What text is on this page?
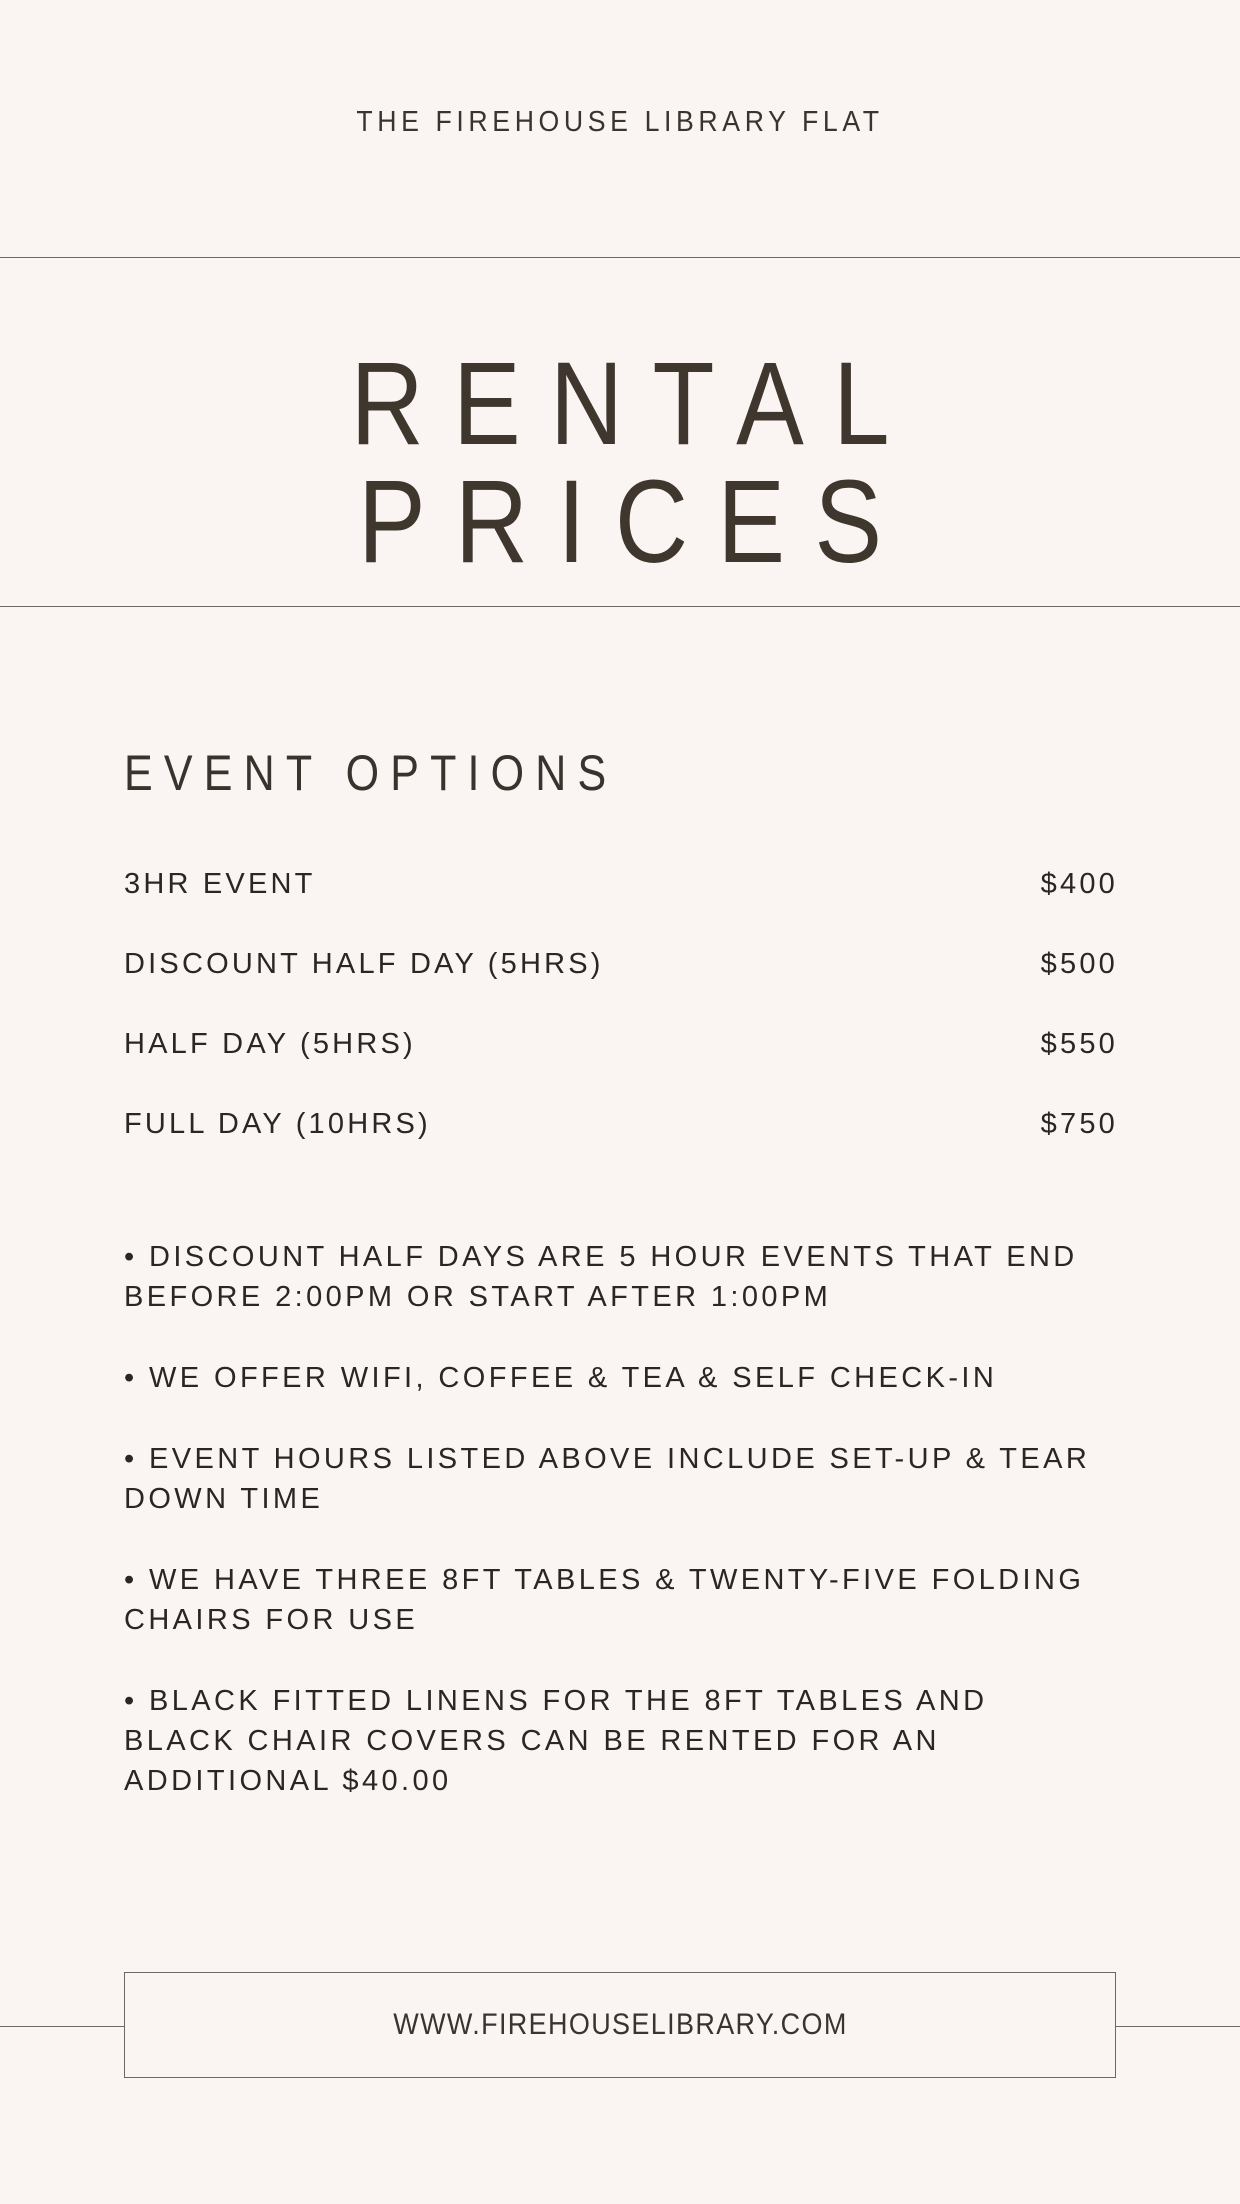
THE FIREHOUSE LIBRARY FLAT
RENTAL PRICES
EVENT OPTIONS
3HR EVENT	$400
DISCOUNT HALF DAY (5HRS)	$500
HALF DAY (5HRS)	$550
FULL DAY (10HRS)	$750
• DISCOUNT HALF DAYS ARE 5 HOUR EVENTS THAT END
BEFORE 2:00PM OR START AFTER 1:00PM
• WE OFFER WIFI, COFFEE & TEA & SELF CHECK-IN
• EVENT HOURS LISTED ABOVE INCLUDE SET-UP & TEAR
DOWN TIME
• WE HAVE THREE 8FT TABLES & TWENTY-FIVE FOLDING
CHAIRS FOR USE
• BLACK FITTED LINENS FOR THE 8FT TABLES AND
BLACK CHAIR COVERS CAN BE RENTED FOR AN
ADDITIONAL $40.00
WWW.FIREHOUSELIBRARY.COM
